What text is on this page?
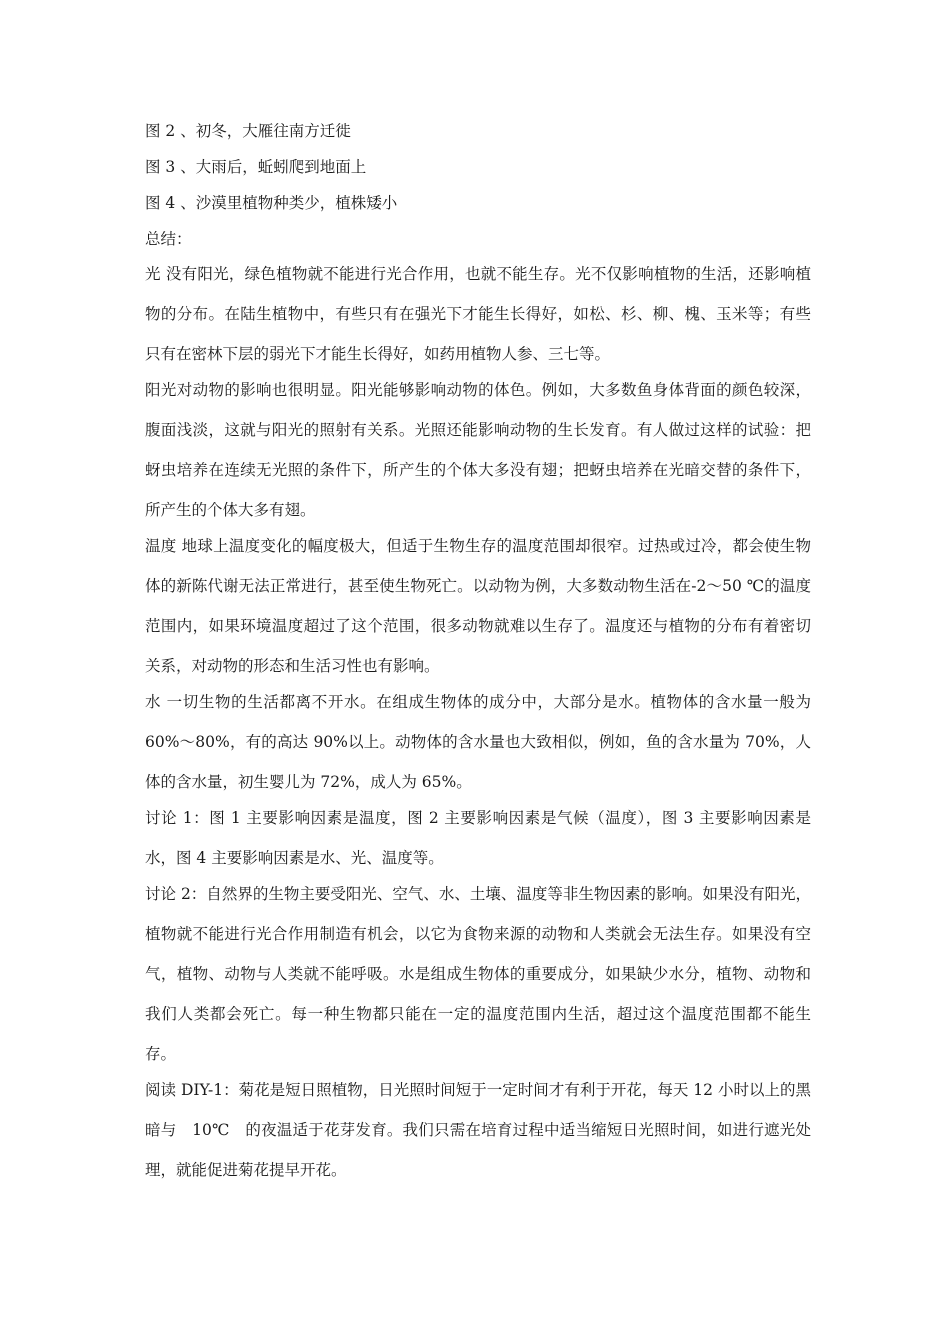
图 2 、初冬，大雁往南方迁徙

图 3 、大雨后，蚯蚓爬到地面上

图 4 、沙漠里植物种类少，植株矮小

总结：

光 没有阳光，绿色植物就不能进行光合作用，也就不能生存。光不仅影响植物的生活，还影响植物的分布。在陆生植物中，有些只有在强光下才能生长得好，如松、杉、柳、槐、玉米等；有些只有在密林下层的弱光下才能生长得好，如药用植物人参、三七等。

阳光对动物的影响也很明显。阳光能够影响动物的体色。例如，大多数鱼身体背面的颜色较深，腹面浅淡，这就与阳光的照射有关系。光照还能影响动物的生长发育。有人做过这样的试验：把蚜虫培养在连续无光照的条件下，所产生的个体大多没有翅；把蚜虫培养在光暗交替的条件下，所产生的个体大多有翅。

温度 地球上温度变化的幅度极大，但适于生物生存的温度范围却很窄。过热或过冷，都会使生物体的新陈代谢无法正常进行，甚至使生物死亡。以动物为例，大多数动物生活在-2～50 ℃的温度范围内，如果环境温度超过了这个范围，很多动物就难以生存了。温度还与植物的分布有着密切关系，对动物的形态和生活习性也有影响。

水 一切生物的生活都离不开水。在组成生物体的成分中，大部分是水。植物体的含水量一般为 60%～80%，有的高达 90%以上。动物体的含水量也大致相似，例如，鱼的含水量为 70%，人体的含水量，初生婴儿为 72%，成人为 65%。

讨论 1：图 1 主要影响因素是温度，图 2 主要影响因素是气候（温度），图 3 主要影响因素是水，图 4 主要影响因素是水、光、温度等。

讨论 2：自然界的生物主要受阳光、空气、水、土壤、温度等非生物因素的影响。如果没有阳光，植物就不能进行光合作用制造有机会，以它为食物来源的动物和人类就会无法生存。如果没有空气，植物、动物与人类就不能呼吸。水是组成生物体的重要成分，如果缺少水分，植物、动物和我们人类都会死亡。每一种生物都只能在一定的温度范围内生活，超过这个温度范围都不能生存。

阅读 DIY-1：菊花是短日照植物，日光照时间短于一定时间才有利于开花，每天 12 小时以上的黑暗与　10℃　的夜温适于花芽发育。我们只需在培育过程中适当缩短日光照时间，如进行遮光处理，就能促进菊花提早开花。
